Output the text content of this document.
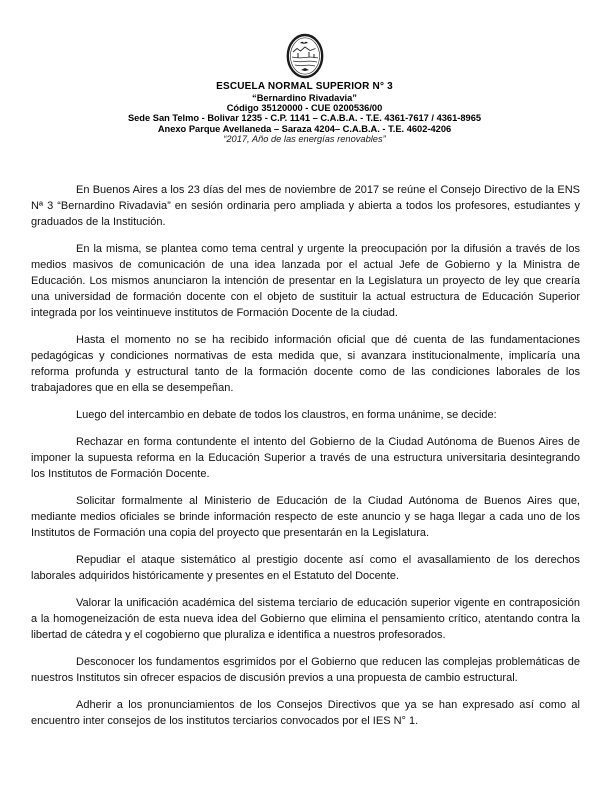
ESCUELA NORMAL SUPERIOR N° 3
“Bernardino Rivadavia”
Código 35120000 - CUE 0200536/00
Sede San Telmo - Bolivar 1235 - C.P. 1141 – C.A.B.A. - T.E. 4361-7617 / 4361-8965
Anexo Parque Avellaneda – Saraza 4204– C.A.B.A. - T.E. 4602-4206
“2017, Año de las energías renovables”

En Buenos Aires a los 23 días del mes de noviembre de 2017 se reúne el Consejo Directivo de la ENS Nª 3 “Bernardino Rivadavia” en sesión ordinaria pero ampliada y abierta a todos los profesores, estudiantes y graduados de la Institución.

En la misma, se plantea como tema central y urgente la preocupación por la difusión a través de los medios masivos de comunicación de una idea lanzada por el actual Jefe de Gobierno y la Ministra de Educación. Los mismos anunciaron la intención de presentar en la Legislatura un proyecto de ley que crearía una universidad de formación docente con el objeto de sustituir la actual estructura de Educación Superior integrada por los veintinueve institutos de Formación Docente de la ciudad.

Hasta el momento no se ha recibido información oficial que dé cuenta de las fundamentaciones pedagógicas y condiciones normativas de esta medida que, si avanzara institucionalmente, implicaría una reforma profunda y estructural tanto de la formación docente como de las condiciones laborales de los trabajadores que en ella se desempeñan.

Luego del intercambio en debate de todos los claustros, en forma unánime, se decide:

Rechazar en forma contundente el intento del Gobierno de la Ciudad Autónoma de Buenos Aires de imponer la supuesta reforma en la Educación Superior a través de una estructura universitaria desintegrando los Institutos de Formación Docente.

Solicitar formalmente al Ministerio de Educación de la Ciudad Autónoma de Buenos Aires que, mediante medios oficiales se brinde información respecto de este anuncio y se haga llegar a cada uno de los Institutos de Formación una copia del proyecto que presentarán en la Legislatura.

Repudiar el ataque sistemático al prestigio docente así como el avasallamiento de los derechos laborales adquiridos históricamente y presentes en el Estatuto del Docente.

Valorar la unificación académica del sistema terciario de educación superior vigente en contraposición a la homogeneización de esta nueva idea del Gobierno que elimina el pensamiento crítico, atentando contra la libertad de cátedra y el cogobierno que pluraliza e identifica a nuestros profesorados.

Desconocer los fundamentos esgrimidos por el Gobierno que reducen las complejas problemáticas de nuestros Institutos sin ofrecer espacios de discusión previos a una propuesta de cambio estructural.

Adherir a los pronunciamientos de los Consejos Directivos que ya se han expresado así como al encuentro inter consejos de los institutos terciarios convocados por el IES N° 1.
